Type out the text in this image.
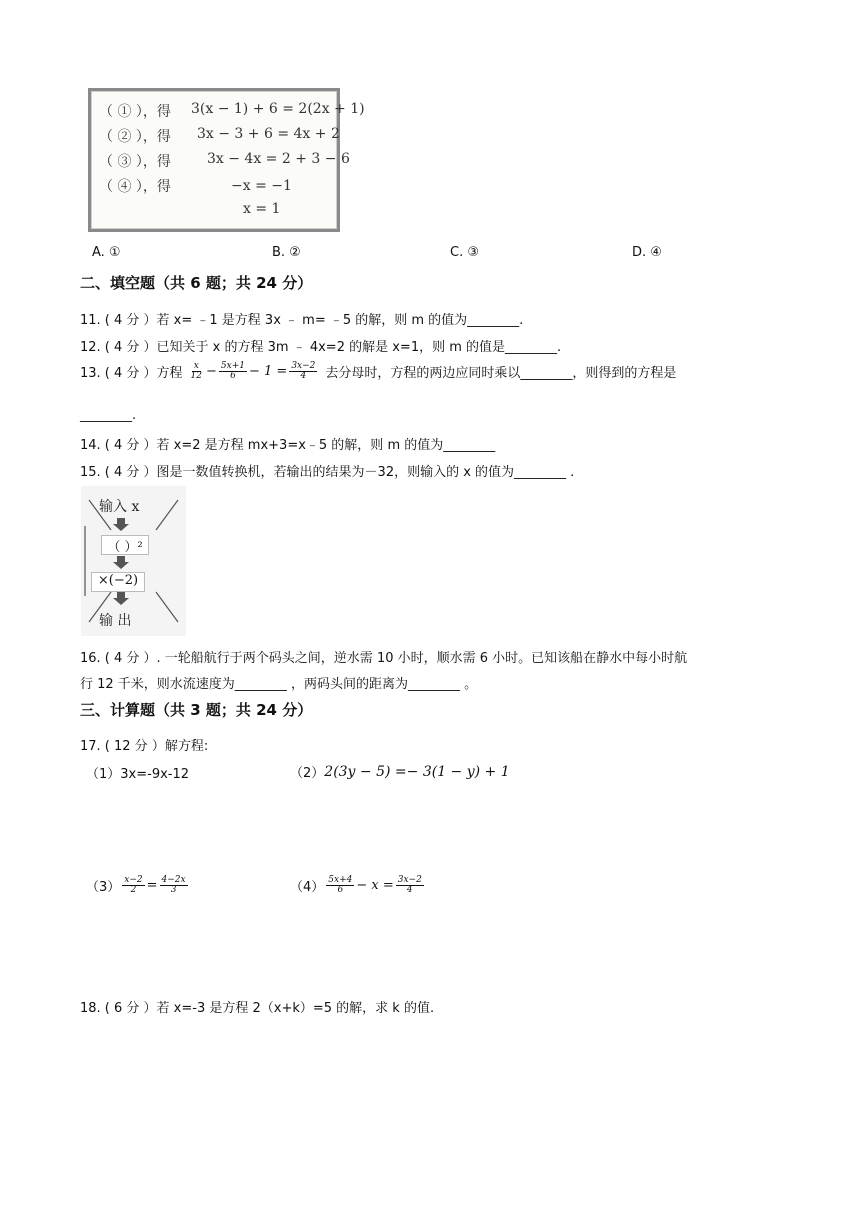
（ ① ），得 3(x − 1) + 6 = 2(2x + 1)
（ ② ），得 3x − 3 + 6 = 4x + 2
（ ③ ），得	3x − 4x = 2 + 3 − 6
（ ④ ），得	−x = −1
x = 1
A. ①	B. ②	C. ③	D. ④
二、填空题（共 6 题；共 24 分）
11. ( 4 分 ）若 x= ﹣1 是方程 3x ﹣ m= ﹣5 的解，则 m 的值为________.
12. ( 4 分 ）已知关于 x 的方程 3m ﹣ 4x=2 的解是 x=1，则 m 的值是________.
13. ( 4 分 ）方程 $\frac{x}{12} - \frac{5x+1}{6} - 1 = \frac{3x-2}{4}$ 去分母时，方程的两边应同时乘以________，则得到的方程是
________.
14. ( 4 分 ）若 x=2 是方程 mx+3=x﹣5 的解，则 m 的值为________
15. ( 4 分 ）图是一数值转换机，若输出的结果为－32，则输入的 x 的值为________ .
输入 x
（ ）²
×(−2)
输 出
16. ( 4 分 ）. 一轮船航行于两个码头之间，逆水需 10 小时，顺水需 6 小时。已知该船在静水中每小时航
行 12 千米，则水流速度为________ ，两码头间的距离为________ 。
三、计算题（共 3 题；共 24 分）
17. ( 12 分 ）解方程:
（1）3x=-9x-12	（2） 2(3y − 5) =− 3(1 − y) + 1
$(3) \frac{x-2}{2} = \frac{4-2x}{3}$	$(4) \frac{5x+4}{6} - x = \frac{3x-2}{4}$
18. ( 6 分 ）若 x=-3 是方程 2（x+k）=5 的解，求 k 的值.
